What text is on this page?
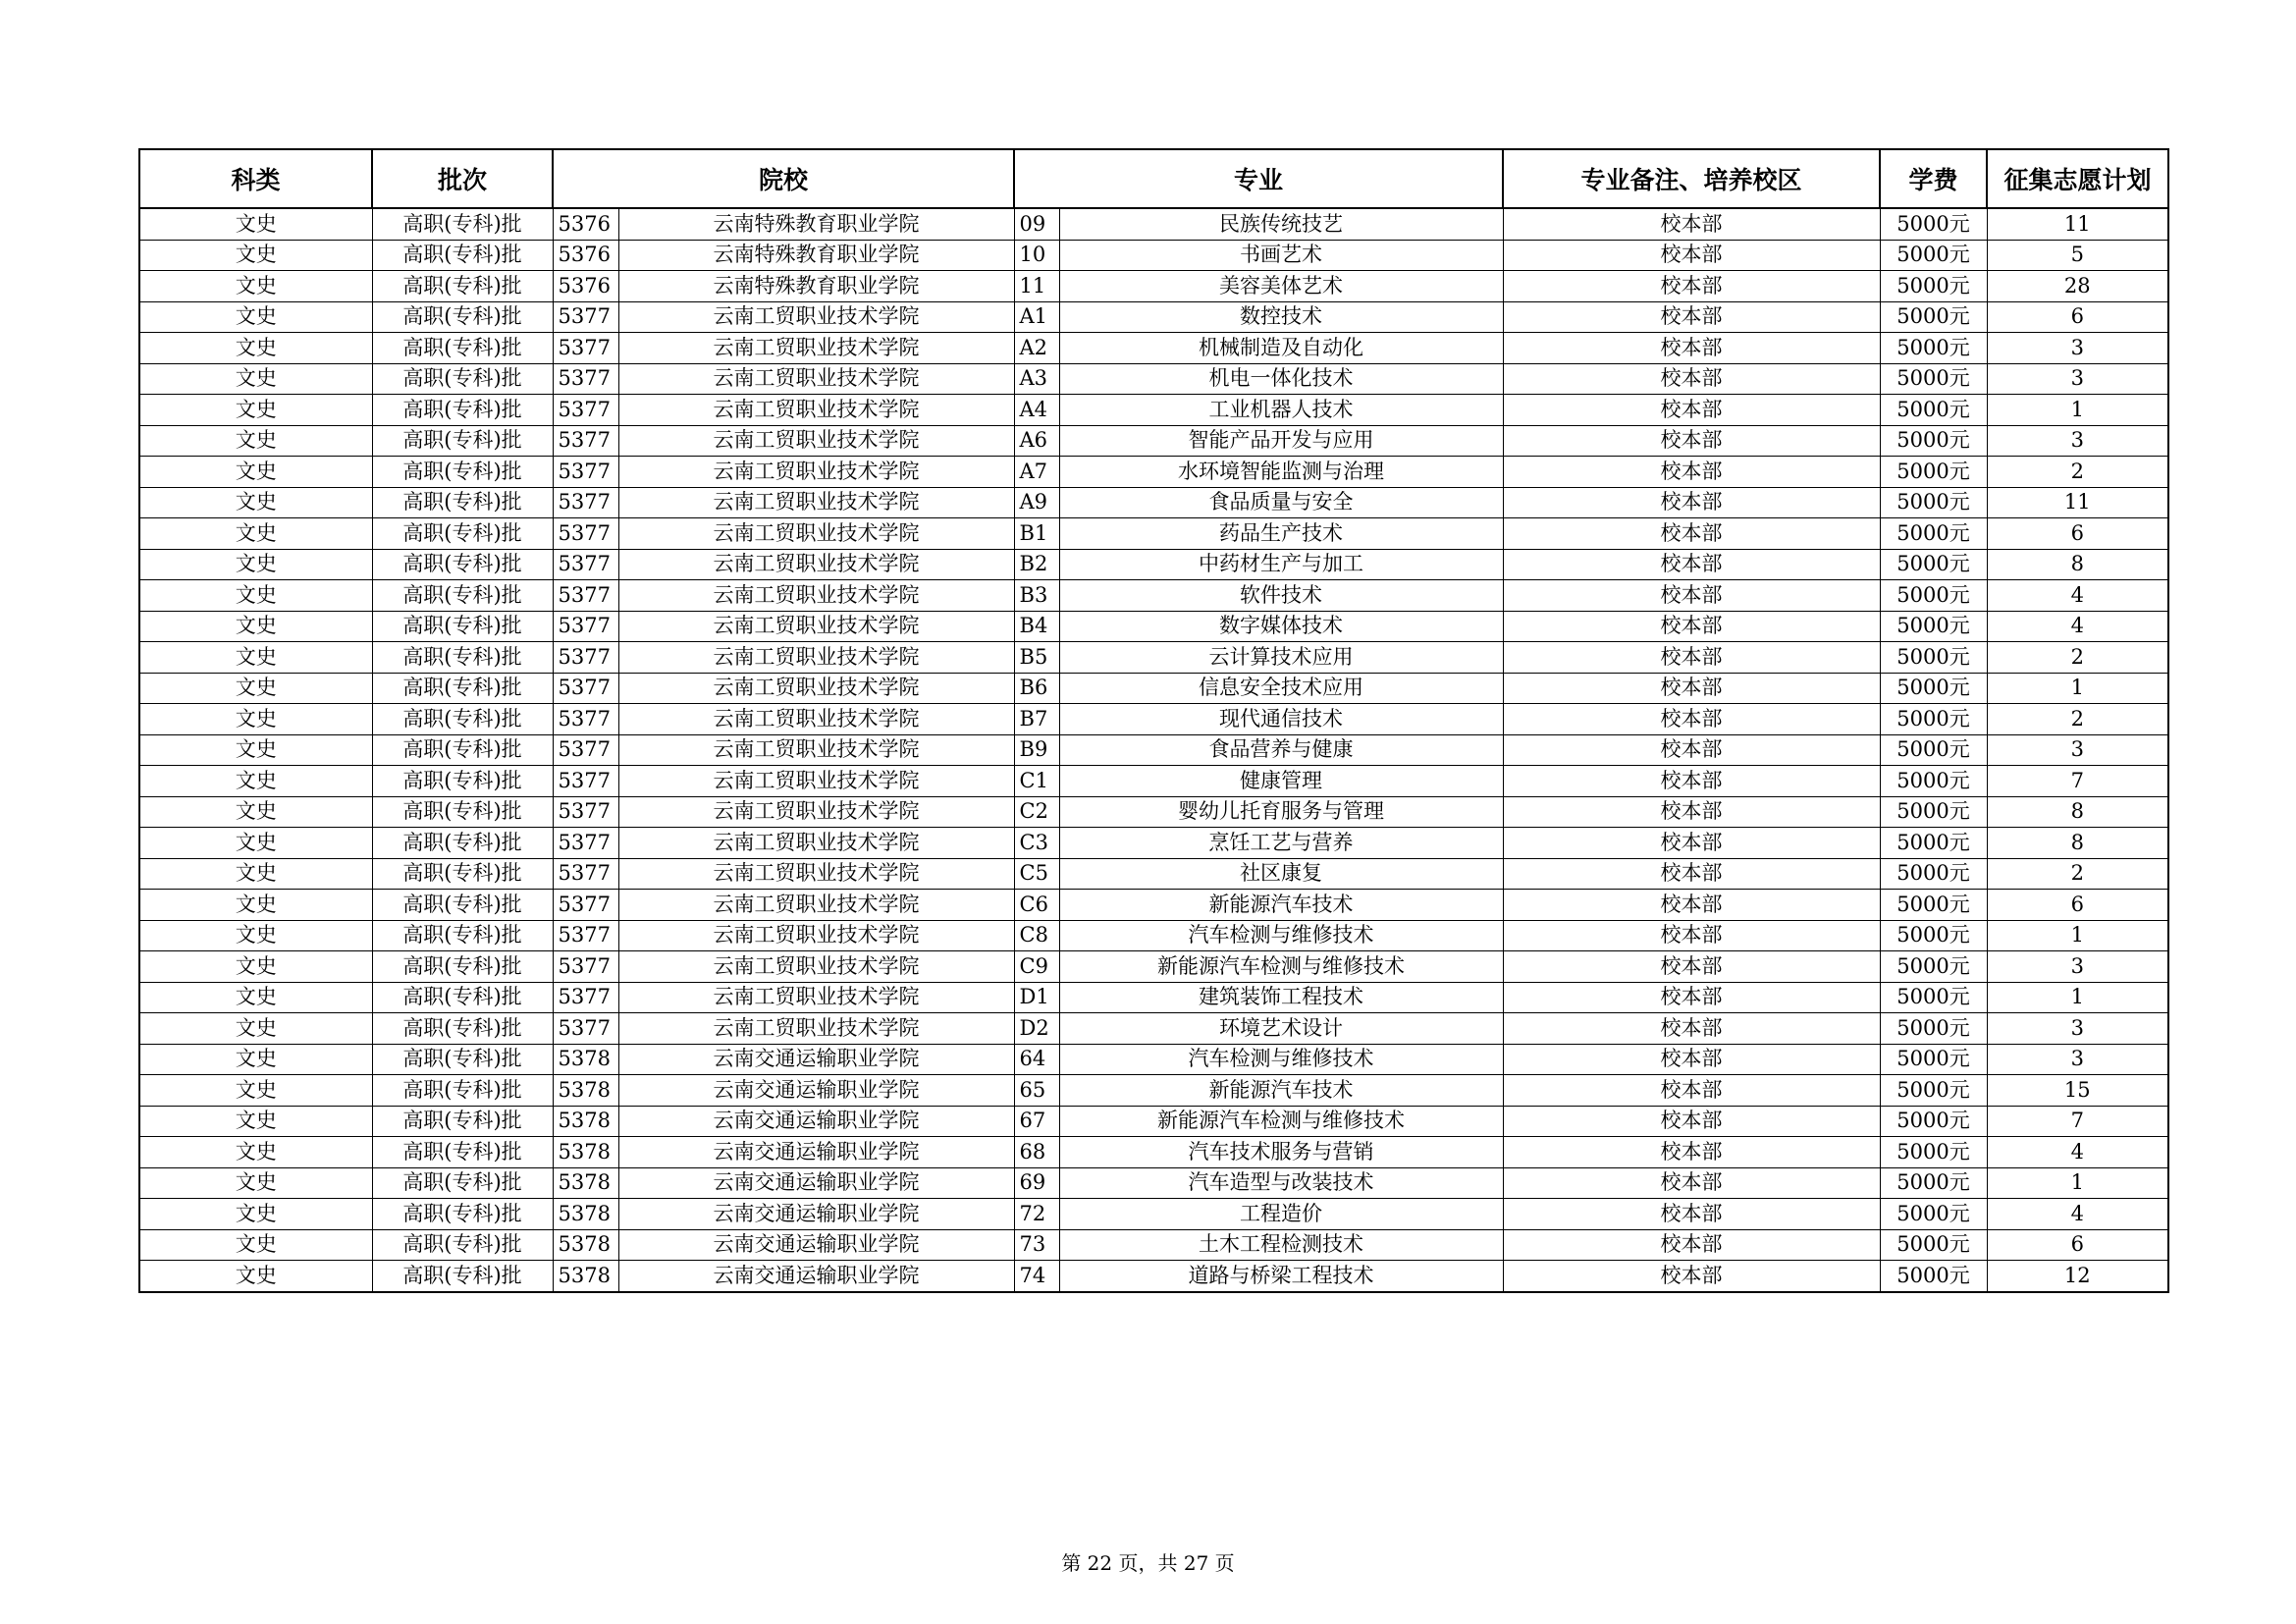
科类	批次	院校		专业		专业备注、培养校区	学费	征集志愿计划
文史	高职(专科)批	5376	云南特殊教育职业学院	09	民族传统技艺	校本部	5000元	11
文史	高职(专科)批	5376	云南特殊教育职业学院	10	书画艺术	校本部	5000元	5
文史	高职(专科)批	5376	云南特殊教育职业学院	11	美容美体艺术	校本部	5000元	28
文史	高职(专科)批	5377	云南工贸职业技术学院	A1	数控技术	校本部	5000元	6
文史	高职(专科)批	5377	云南工贸职业技术学院	A2	机械制造及自动化	校本部	5000元	3
文史	高职(专科)批	5377	云南工贸职业技术学院	A3	机电一体化技术	校本部	5000元	3
文史	高职(专科)批	5377	云南工贸职业技术学院	A4	工业机器人技术	校本部	5000元	1
文史	高职(专科)批	5377	云南工贸职业技术学院	A6	智能产品开发与应用	校本部	5000元	3
文史	高职(专科)批	5377	云南工贸职业技术学院	A7	水环境智能监测与治理	校本部	5000元	2
文史	高职(专科)批	5377	云南工贸职业技术学院	A9	食品质量与安全	校本部	5000元	11
文史	高职(专科)批	5377	云南工贸职业技术学院	B1	药品生产技术	校本部	5000元	6
文史	高职(专科)批	5377	云南工贸职业技术学院	B2	中药材生产与加工	校本部	5000元	8
文史	高职(专科)批	5377	云南工贸职业技术学院	B3	软件技术	校本部	5000元	4
文史	高职(专科)批	5377	云南工贸职业技术学院	B4	数字媒体技术	校本部	5000元	4
文史	高职(专科)批	5377	云南工贸职业技术学院	B5	云计算技术应用	校本部	5000元	2
文史	高职(专科)批	5377	云南工贸职业技术学院	B6	信息安全技术应用	校本部	5000元	1
文史	高职(专科)批	5377	云南工贸职业技术学院	B7	现代通信技术	校本部	5000元	2
文史	高职(专科)批	5377	云南工贸职业技术学院	B9	食品营养与健康	校本部	5000元	3
文史	高职(专科)批	5377	云南工贸职业技术学院	C1	健康管理	校本部	5000元	7
文史	高职(专科)批	5377	云南工贸职业技术学院	C2	婴幼儿托育服务与管理	校本部	5000元	8
文史	高职(专科)批	5377	云南工贸职业技术学院	C3	烹饪工艺与营养	校本部	5000元	8
文史	高职(专科)批	5377	云南工贸职业技术学院	C5	社区康复	校本部	5000元	2
文史	高职(专科)批	5377	云南工贸职业技术学院	C6	新能源汽车技术	校本部	5000元	6
文史	高职(专科)批	5377	云南工贸职业技术学院	C8	汽车检测与维修技术	校本部	5000元	1
文史	高职(专科)批	5377	云南工贸职业技术学院	C9	新能源汽车检测与维修技术	校本部	5000元	3
文史	高职(专科)批	5377	云南工贸职业技术学院	D1	建筑装饰工程技术	校本部	5000元	1
文史	高职(专科)批	5377	云南工贸职业技术学院	D2	环境艺术设计	校本部	5000元	3
文史	高职(专科)批	5378	云南交通运输职业学院	64	汽车检测与维修技术	校本部	5000元	3
文史	高职(专科)批	5378	云南交通运输职业学院	65	新能源汽车技术	校本部	5000元	15
文史	高职(专科)批	5378	云南交通运输职业学院	67	新能源汽车检测与维修技术	校本部	5000元	7
文史	高职(专科)批	5378	云南交通运输职业学院	68	汽车技术服务与营销	校本部	5000元	4
文史	高职(专科)批	5378	云南交通运输职业学院	69	汽车造型与改装技术	校本部	5000元	1
文史	高职(专科)批	5378	云南交通运输职业学院	72	工程造价	校本部	5000元	4
文史	高职(专科)批	5378	云南交通运输职业学院	73	土木工程检测技术	校本部	5000元	6
文史	高职(专科)批	5378	云南交通运输职业学院	74	道路与桥梁工程技术	校本部	5000元	12
第 22 页，共 27 页
